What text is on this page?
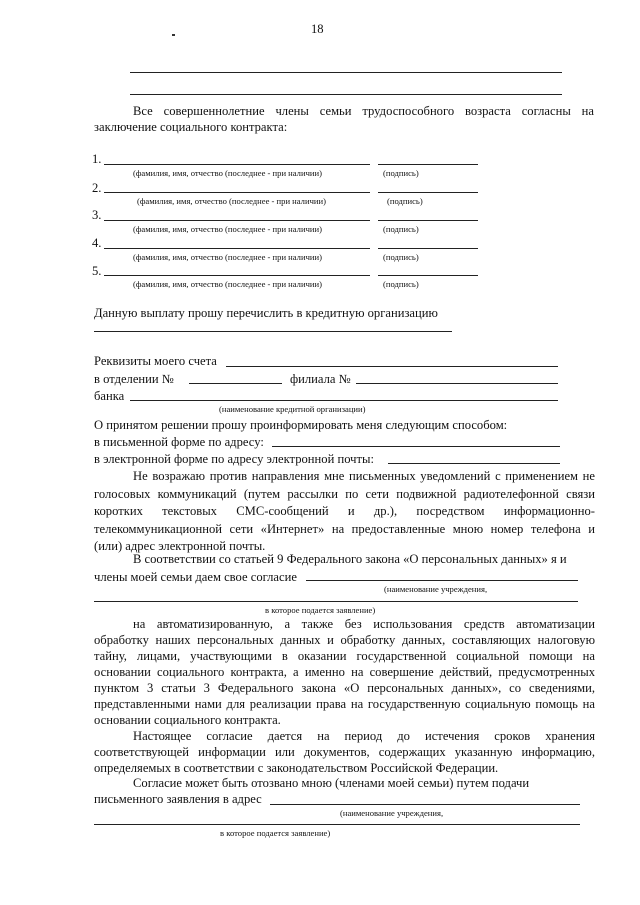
18
Все совершеннолетние члены семьи трудоспособного возраста согласны на
заключение социального контракта:
1.
(фамилия, имя, отчество (последнее - при наличии)	(подпись)
2.
(фамилия, имя, отчество (последнее - при наличии)	(подпись)
3.
(фамилия, имя, отчество (последнее - при наличии)	(подпись)
4.
(фамилия, имя, отчество (последнее - при наличии)	(подпись)
5.
(фамилия, имя, отчество (последнее - при наличии)	(подпись)
Данную выплату прошу перечислить в кредитную организацию
Реквизиты моего счета
в отделении №	филиала №
банка
(наименование кредитной организации)
О принятом решении прошу проинформировать меня следующим способом:
в письменной форме по адресу:
в электронной форме по адресу электронной почты:
Не возражаю против направления мне письменных уведомлений с применением не
голосовых коммуникаций (путем рассылки по сети подвижной радиотелефонной связи
коротких текстовых СМС-сообщений и др.), посредством информационно-
телекоммуникационной сети «Интернет» на предоставленные мною номер телефона и
(или) адрес электронной почты.
В соответствии со статьей 9 Федерального закона «О персональных данных» я и
члены моей семьи даем свое согласие
(наименование учреждения,
в которое подается заявление)
на автоматизированную, а также без использования средств автоматизации
обработку наших персональных данных и обработку данных, составляющих налоговую
тайну, лицами, участвующими в оказании государственной социальной помощи на
основании социального контракта, а именно на совершение действий, предусмотренных
пунктом 3 статьи 3 Федерального закона «О персональных данных», со сведениями,
представленными нами для реализации права на государственную социальную помощь на
основании социального контракта.
Настоящее согласие дается на период до истечения сроков хранения
соответствующей информации или документов, содержащих указанную информацию,
определяемых в соответствии с законодательством Российской Федерации.
Согласие может быть отозвано мною (членами моей семьи) путем подачи
письменного заявления в адрес
(наименование учреждения,
в которое подается заявление)
